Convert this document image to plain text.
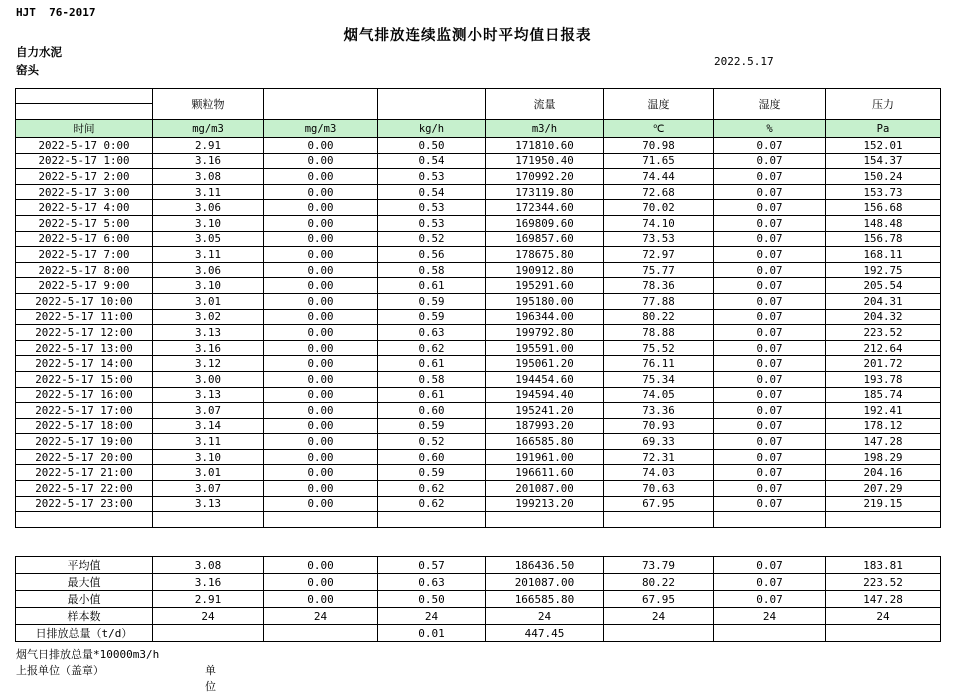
HJT  76-2017
烟气排放连续监测小时平均值日报表
自力水泥
窑头
2022.5.17
	颗粒物			流量	温度	湿度	压力
时间	mg/m3	mg/m3	kg/h	m3/h	℃	%	Pa
2022-5-17 0:00	2.91	0.00	0.50	171810.60	70.98	0.07	152.01
2022-5-17 1:00	3.16	0.00	0.54	171950.40	71.65	0.07	154.37
2022-5-17 2:00	3.08	0.00	0.53	170992.20	74.44	0.07	150.24
2022-5-17 3:00	3.11	0.00	0.54	173119.80	72.68	0.07	153.73
2022-5-17 4:00	3.06	0.00	0.53	172344.60	70.02	0.07	156.68
2022-5-17 5:00	3.10	0.00	0.53	169809.60	74.10	0.07	148.48
2022-5-17 6:00	3.05	0.00	0.52	169857.60	73.53	0.07	156.78
2022-5-17 7:00	3.11	0.00	0.56	178675.80	72.97	0.07	168.11
2022-5-17 8:00	3.06	0.00	0.58	190912.80	75.77	0.07	192.75
2022-5-17 9:00	3.10	0.00	0.61	195291.60	78.36	0.07	205.54
2022-5-17 10:00	3.01	0.00	0.59	195180.00	77.88	0.07	204.31
2022-5-17 11:00	3.02	0.00	0.59	196344.00	80.22	0.07	204.32
2022-5-17 12:00	3.13	0.00	0.63	199792.80	78.88	0.07	223.52
2022-5-17 13:00	3.16	0.00	0.62	195591.00	75.52	0.07	212.64
2022-5-17 14:00	3.12	0.00	0.61	195061.20	76.11	0.07	201.72
2022-5-17 15:00	3.00	0.00	0.58	194454.60	75.34	0.07	193.78
2022-5-17 16:00	3.13	0.00	0.61	194594.40	74.05	0.07	185.74
2022-5-17 17:00	3.07	0.00	0.60	195241.20	73.36	0.07	192.41
2022-5-17 18:00	3.14	0.00	0.59	187993.20	70.93	0.07	178.12
2022-5-17 19:00	3.11	0.00	0.52	166585.80	69.33	0.07	147.28
2022-5-17 20:00	3.10	0.00	0.60	191961.00	72.31	0.07	198.29
2022-5-17 21:00	3.01	0.00	0.59	196611.60	74.03	0.07	204.16
2022-5-17 22:00	3.07	0.00	0.62	201087.00	70.63	0.07	207.29
2022-5-17 23:00	3.13	0.00	0.62	199213.20	67.95	0.07	219.15

平均值	3.08	0.00	0.57	186436.50	73.79	0.07	183.81
最大值	3.16	0.00	0.63	201087.00	80.22	0.07	223.52
最小值	2.91	0.00	0.50	166585.80	67.95	0.07	147.28
样本数	24	24	24	24	24	24	24
日排放总量（t/d）			0.01	447.45			
烟气日排放总量*10000m3/h
上报单位（盖章）	单位
